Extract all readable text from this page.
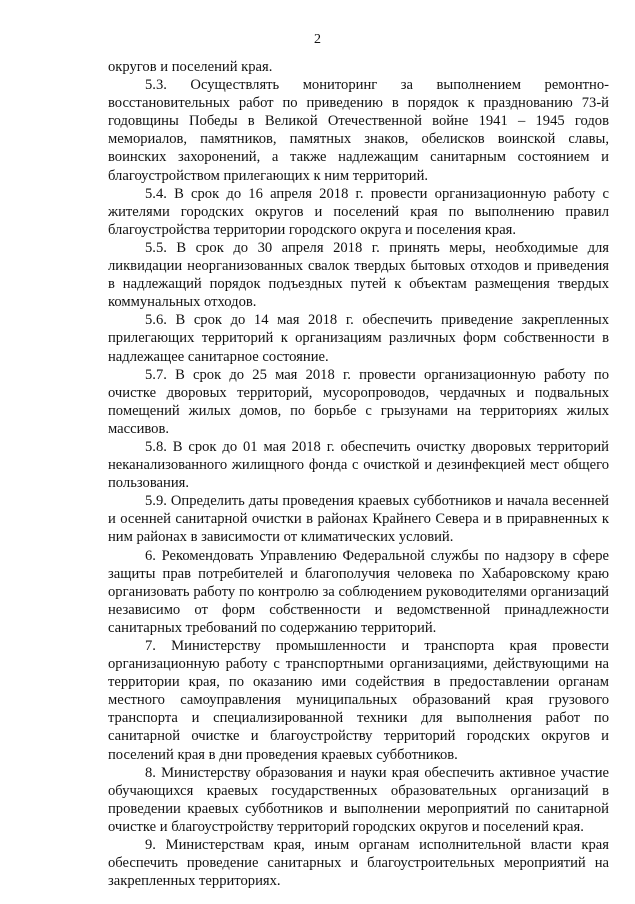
2

округов и поселений края.

5.3. Осуществлять мониторинг за выполнением ремонтно-восстановительных работ по приведению в порядок к празднованию 73-й годовщины Победы в Великой Отечественной войне 1941 – 1945 годов мемориалов, памятников, памятных знаков, обелисков воинской славы, воинских захоронений, а также надлежащим санитарным состоянием и благоустройством прилегающих к ним территорий.

5.4. В срок до 16 апреля 2018 г. провести организационную работу с жителями городских округов и поселений края по выполнению правил благоустройства территории городского округа и поселения края.

5.5. В срок до 30 апреля 2018 г. принять меры, необходимые для ликвидации неорганизованных свалок твердых бытовых отходов и приведения в надлежащий порядок подъездных путей к объектам размещения твердых коммунальных отходов.

5.6. В срок до 14 мая 2018 г. обеспечить приведение закрепленных прилегающих территорий к организациям различных форм собственности в надлежащее санитарное состояние.

5.7. В срок до 25 мая 2018 г. провести организационную работу по очистке дворовых территорий, мусоропроводов, чердачных и подвальных помещений жилых домов, по борьбе с грызунами на территориях жилых массивов.

5.8. В срок до 01 мая 2018 г. обеспечить очистку дворовых территорий неканализованного жилищного фонда с очисткой и дезинфекцией мест общего пользования.

5.9. Определить даты проведения краевых субботников и начала весенней и осенней санитарной очистки в районах Крайнего Севера и в приравненных к ним районах в зависимости от климатических условий.

6. Рекомендовать Управлению Федеральной службы по надзору в сфере защиты прав потребителей и благополучия человека по Хабаровскому краю организовать работу по контролю за соблюдением руководителями организаций независимо от форм собственности и ведомственной принадлежности санитарных требований по содержанию территорий.

7. Министерству промышленности и транспорта края провести организационную работу с транспортными организациями, действующими на территории края, по оказанию ими содействия в предоставлении органам местного самоуправления муниципальных образований края грузового транспорта и специализированной техники для выполнения работ по санитарной очистке и благоустройству территорий городских округов и поселений края в дни проведения краевых субботников.

8. Министерству образования и науки края обеспечить активное участие обучающихся краевых государственных образовательных организаций в проведении краевых субботников и выполнении мероприятий по санитарной очистке и благоустройству территорий городских округов и поселений края.

9. Министерствам края, иным органам исполнительной власти края обеспечить проведение санитарных и благоустроительных мероприятий на закрепленных территориях.
